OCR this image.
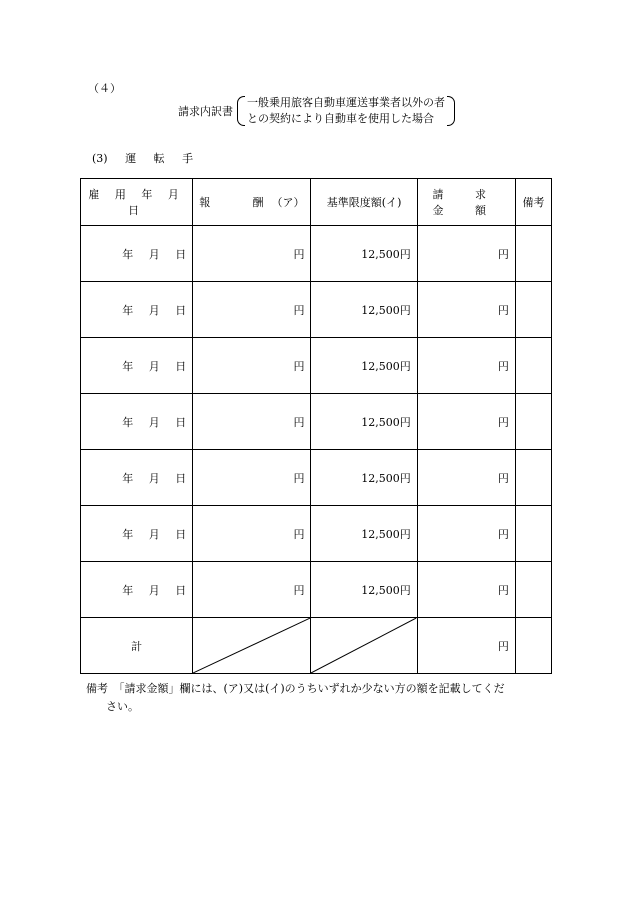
（４）
請求内訳書
一般乗用旅客自動車運送事業者以外の者
との契約により自動車を使用した場合
(3) 運 転 手
雇 用 年 月 日	報 酬 （ア）	基準限度額(イ)	請 求 金 額	備考
年 月 日	円	12,500円	円	
年 月 日	円	12,500円	円	
年 月 日	円	12,500円	円	
年 月 日	円	12,500円	円	
年 月 日	円	12,500円	円	
年 月 日	円	12,500円	円	
年 月 日	円	12,500円	円	
計			円	
備考　「請求金額」欄には、(ア)又は(イ)のうちいずれか少ない方の額を記載してくだ
さい。
